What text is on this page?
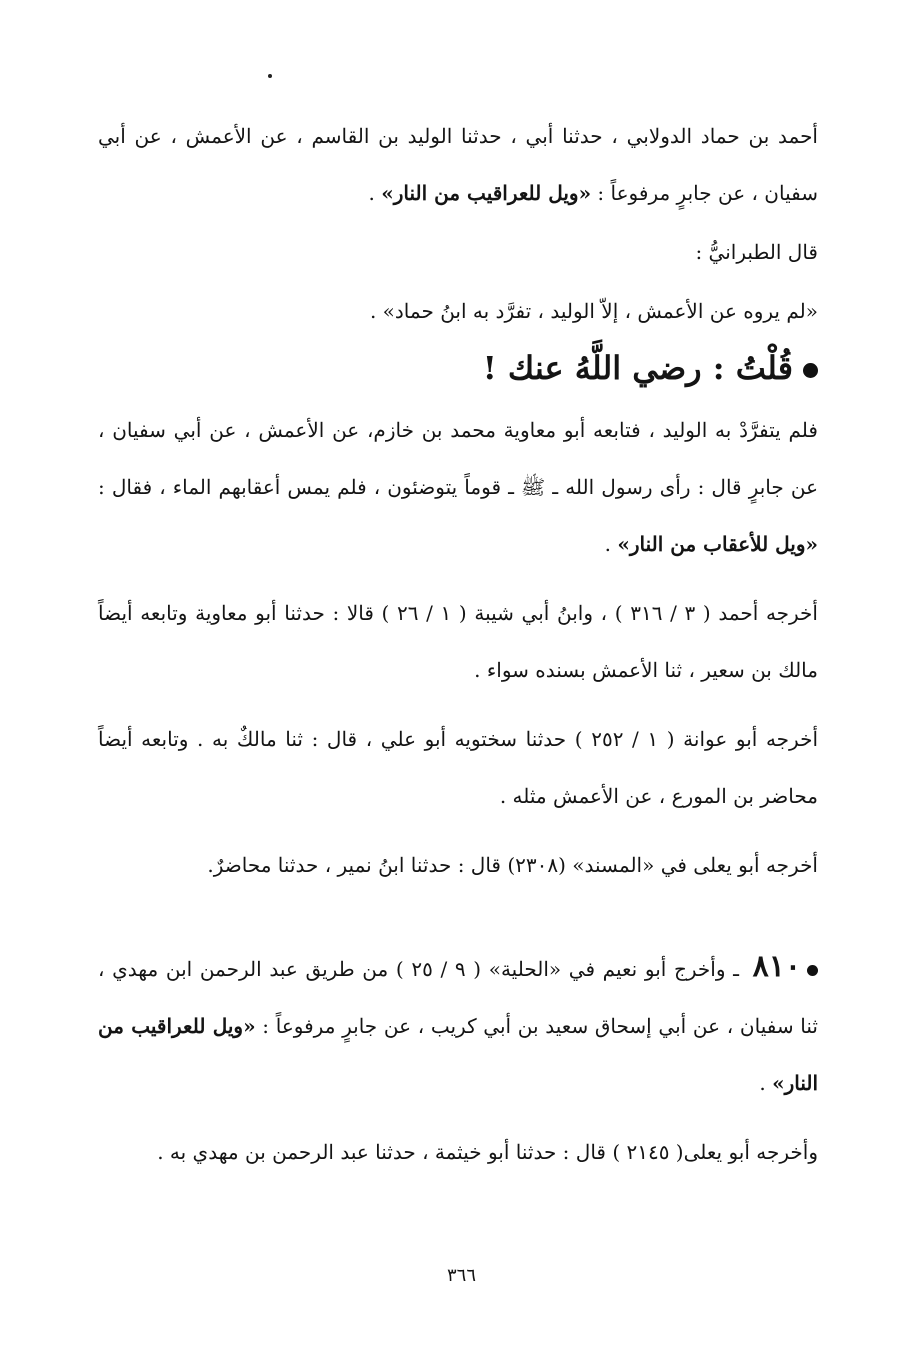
أحمد بن حماد الدولابي ، حدثنا أبي ، حدثنا الوليد بن القاسم ، عن الأعمش ، عن أبي سفيان ، عن جابرٍ مرفوعاً : «ويل للعراقيب من النار» .

قال الطبرانيُّ :

«لم يروه عن الأعمش ، إلاّ الوليد ، تفرَّد به ابنُ حماد» .

قُلْتُ : رضي اللَّهُ عنك !

فلم يتفرَّدْ به الوليد ، فتابعه أبو معاوية محمد بن خازم، عن الأعمش ، عن أبي سفيان ، عن جابرٍ قال : رأى رسول الله ـ ﷺ ـ قوماً يتوضئون ، فلم يمس أعقابهم الماء ، فقال : «ويل للأعقاب من النار» .

أخرجه أحمد ( ٣ / ٣١٦ ) ، وابنُ أبي شيبة ( ١ / ٢٦ ) قالا : حدثنا أبو معاوية وتابعه أيضاً مالك بن سعير ، ثنا الأعمش بسنده سواء .

أخرجه أبو عوانة ( ١ / ٢٥٢ ) حدثنا سختويه أبو علي ، قال : ثنا مالكٌ به . وتابعه أيضاً محاضر بن المورع ، عن الأعمش مثله .

أخرجه أبو يعلى في «المسند» (٢٣٠٨) قال : حدثنا ابنُ نمير ، حدثنا محاضرٌ.

٨١٠ ـ وأخرج أبو نعيم في «الحلية» ( ٩ / ٢٥ ) من طريق عبد الرحمن ابن مهدي ، ثنا سفيان ، عن أبي إسحاق سعيد بن أبي كريب ، عن جابرٍ مرفوعاً : «ويل للعراقيب من النار» .

وأخرجه أبو يعلى( ٢١٤٥ ) قال : حدثنا أبو خيثمة ، حدثنا عبد الرحمن بن مهدي به .

٣٦٦
